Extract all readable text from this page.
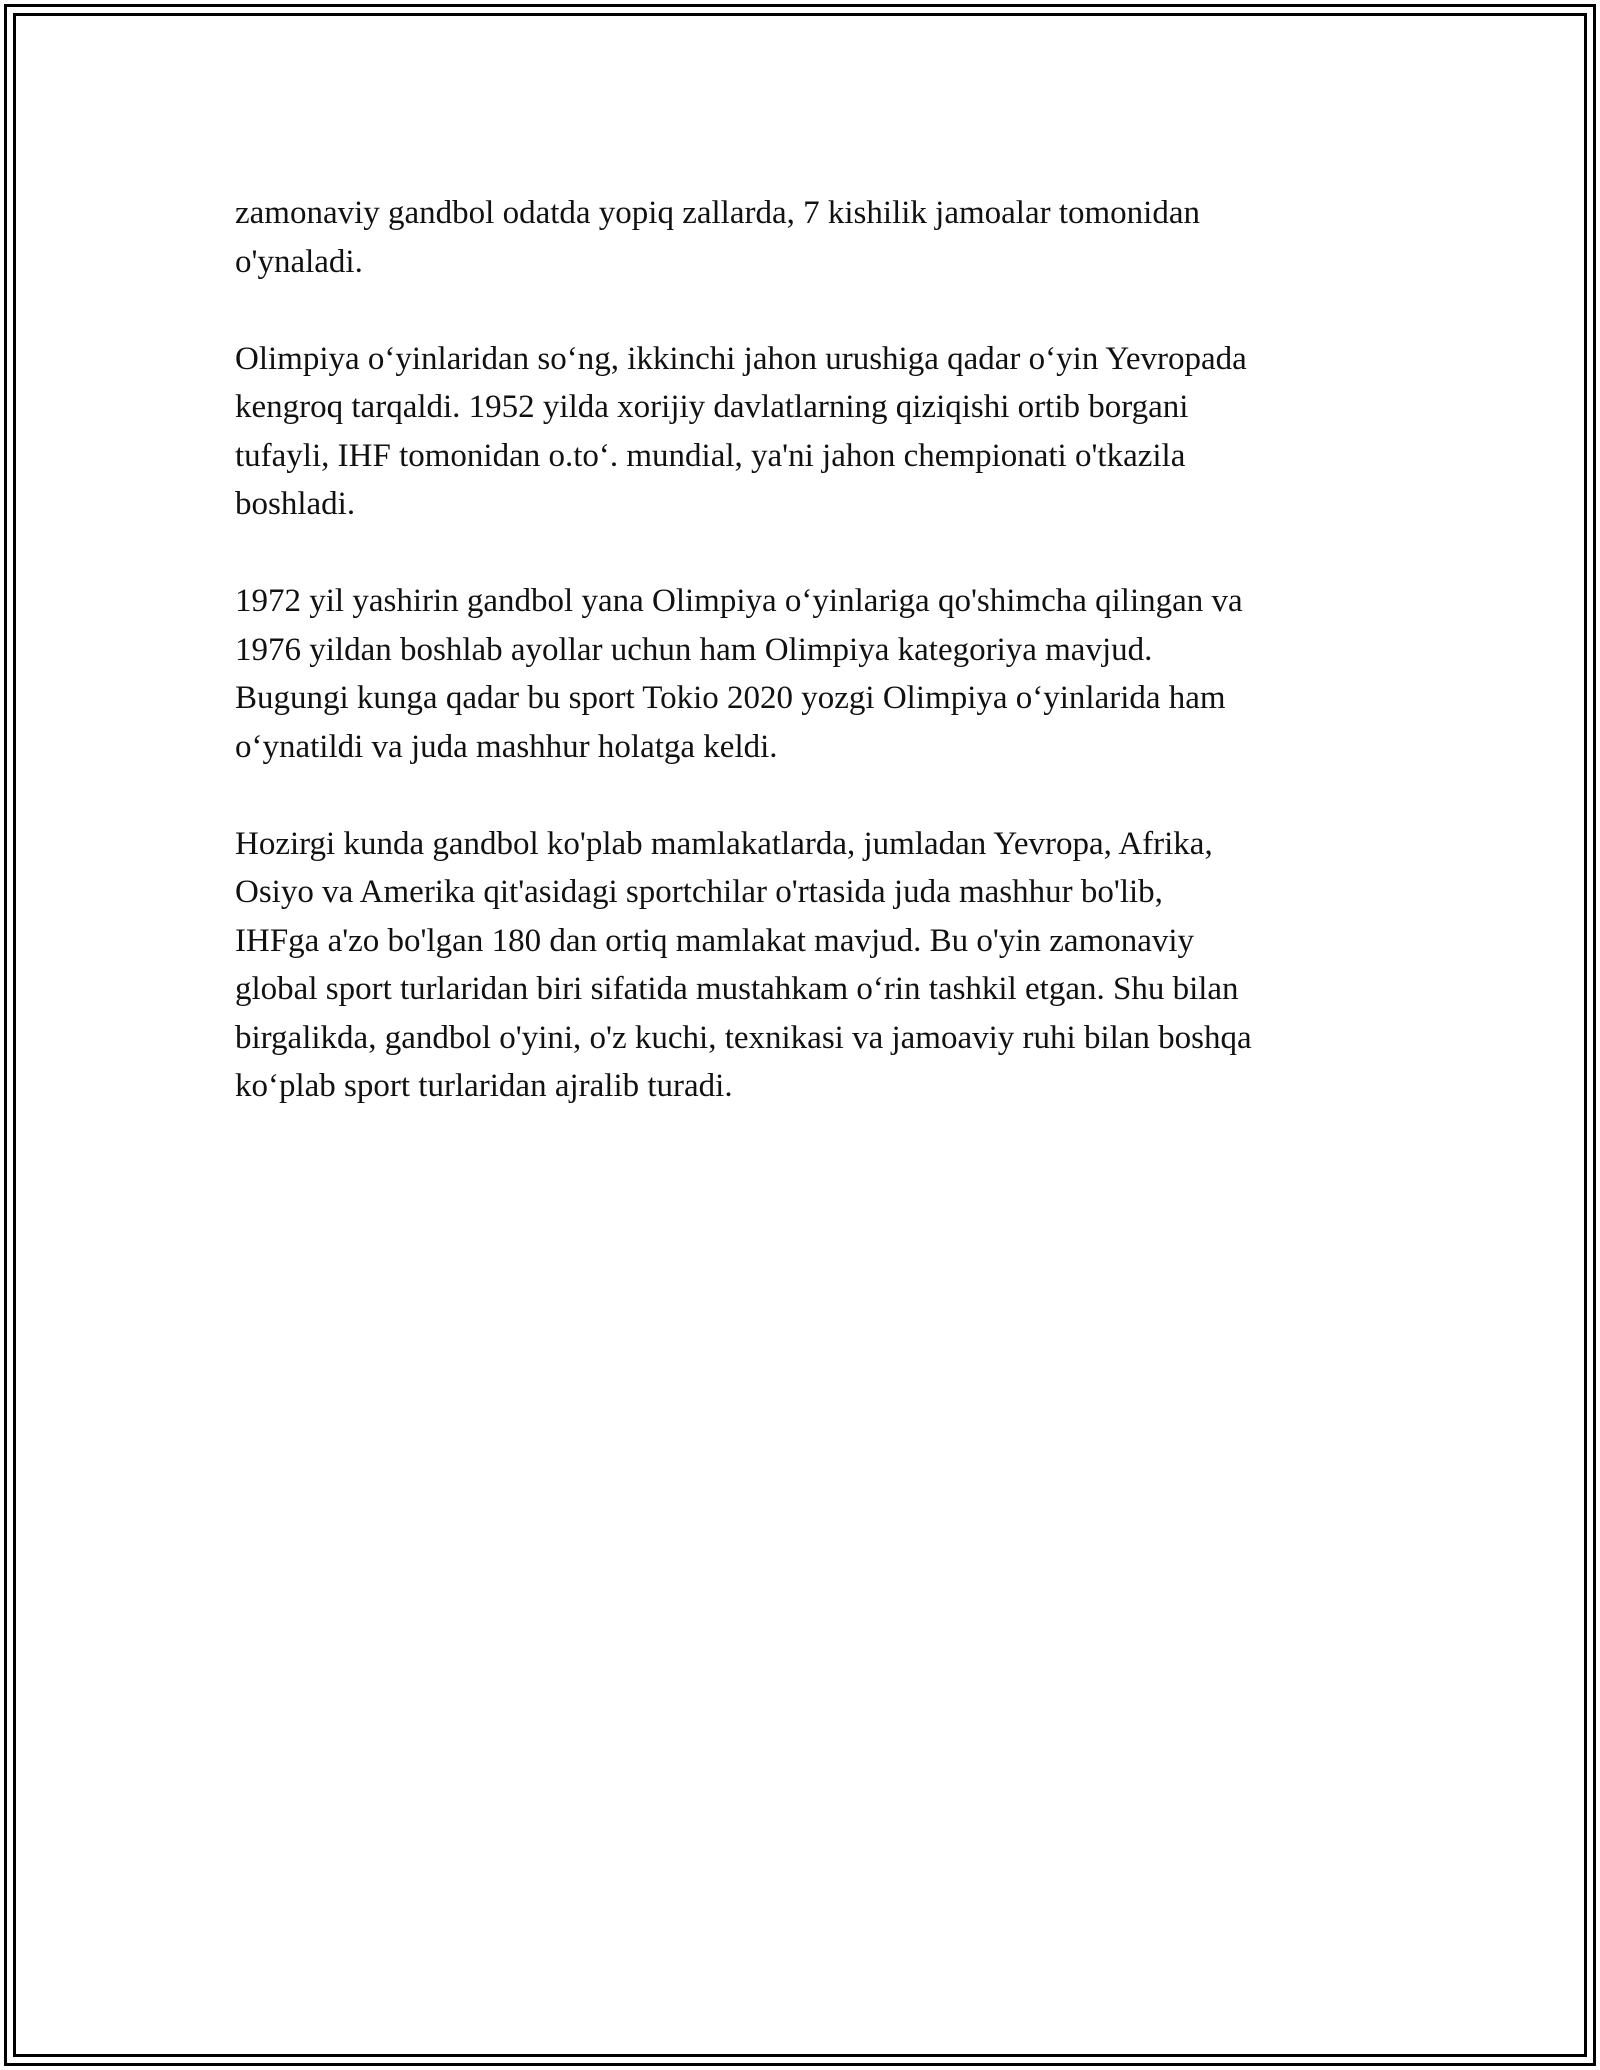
zamonaviy gandbol odatda yopiq zallarda, 7 kishilik jamoalar tomonidan
o'ynaladi.

Olimpiya o‘yinlaridan so‘ng, ikkinchi jahon urushiga qadar o‘yin Yevropada
kengroq tarqaldi. 1952 yilda xorijiy davlatlarning qiziqishi ortib borgani
tufayli, IHF tomonidan o.to‘. mundial, ya'ni jahon chempionati o'tkazila
boshladi.

1972 yil yashirin gandbol yana Olimpiya o‘yinlariga qo'shimcha qilingan va
1976 yildan boshlab ayollar uchun ham Olimpiya kategoriya mavjud.
Bugungi kunga qadar bu sport Tokio 2020 yozgi Olimpiya o‘yinlarida ham
o‘ynatildi va juda mashhur holatga keldi.

Hozirgi kunda gandbol ko'plab mamlakatlarda, jumladan Yevropa, Afrika,
Osiyo va Amerika qit'asidagi sportchilar o'rtasida juda mashhur bo'lib,
IHFga a'zo bo'lgan 180 dan ortiq mamlakat mavjud. Bu o'yin zamonaviy
global sport turlaridan biri sifatida mustahkam o‘rin tashkil etgan. Shu bilan
birgalikda, gandbol o'yini, o'z kuchi, texnikasi va jamoaviy ruhi bilan boshqa
ko‘plab sport turlaridan ajralib turadi.
